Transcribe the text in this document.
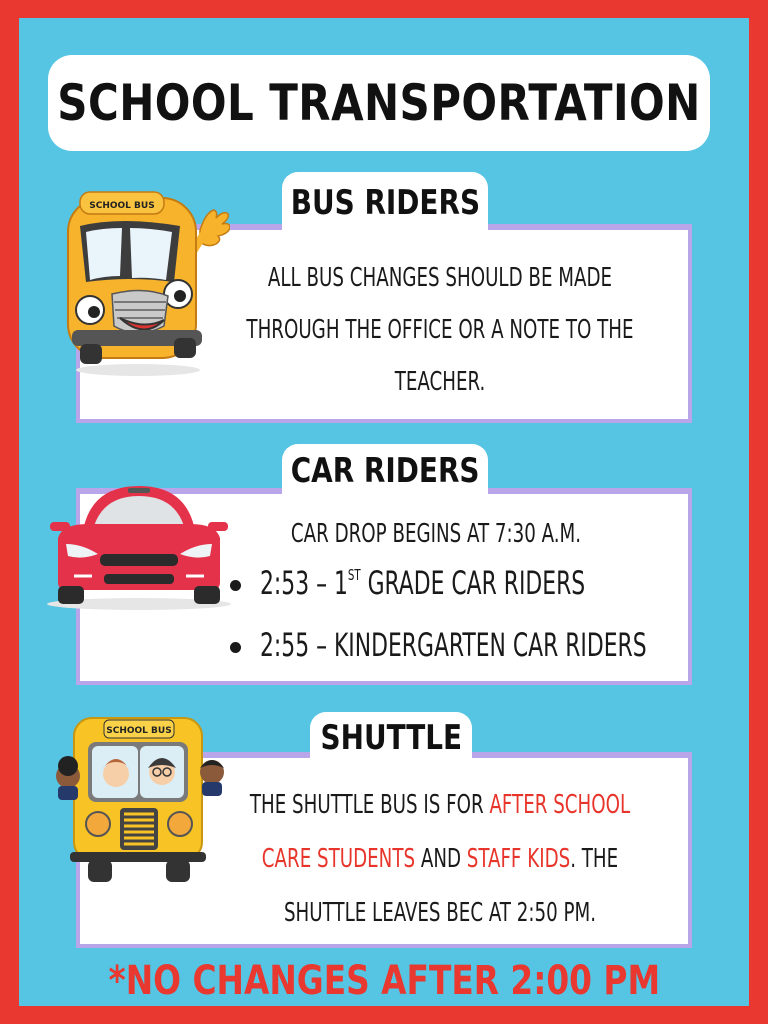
SCHOOL TRANSPORTATION
BUS RIDERS
ALL BUS CHANGES SHOULD BE MADE
THROUGH THE OFFICE OR A NOTE TO THE
TEACHER.
SCHOOL BUS
CAR RIDERS
CAR DROP BEGINS AT 7:30 A.M.
2:53 – 1ST GRADE CAR RIDERS
2:55 – KINDERGARTEN CAR RIDERS
SHUTTLE
THE SHUTTLE BUS IS FOR AFTER SCHOOL
CARE STUDENTS AND STAFF KIDS. THE
SHUTTLE LEAVES BEC AT 2:50 PM.
SCHOOL BUS
*NO CHANGES AFTER 2:00 PM
